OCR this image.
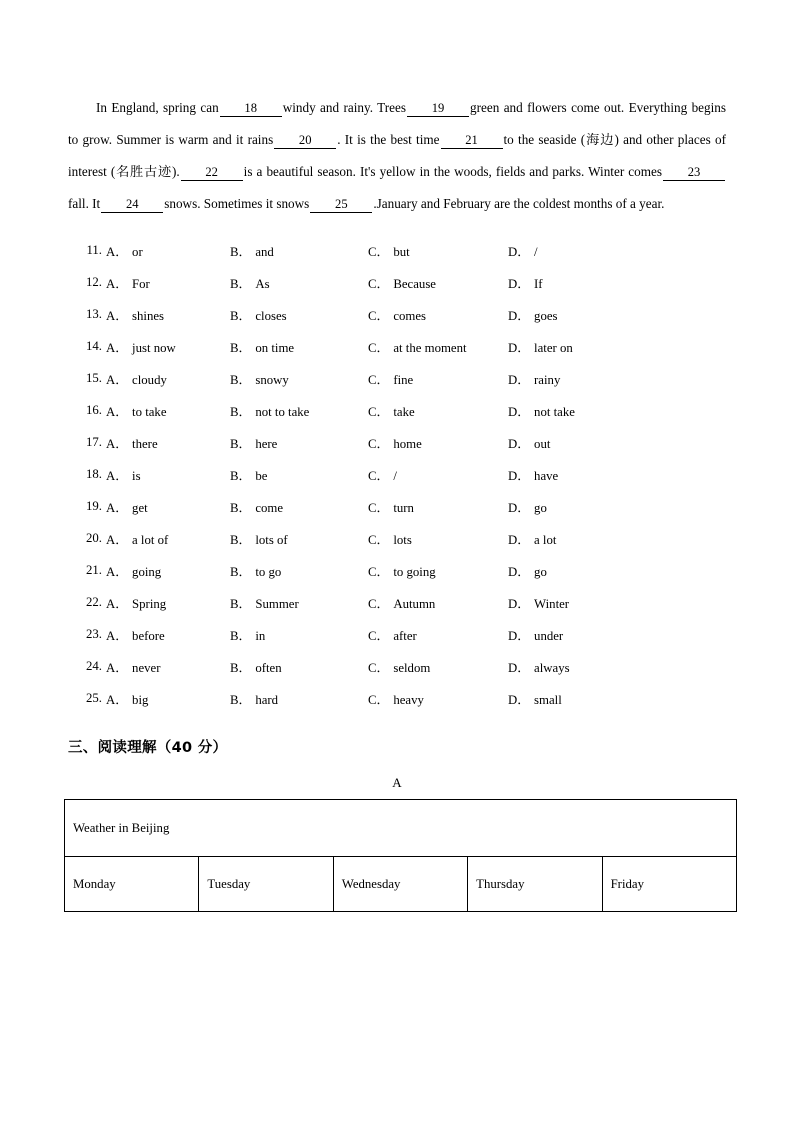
In England, spring can 18 windy and rainy. Trees 19 green and flowers come out. Everything begins to grow. Summer is warm and it rains 20 . It is the best time 21 to the seaside (海边) and other places of interest (名胜古迹). 22 is a beautiful season. It's yellow in the woods, fields and parks. Winter comes 23fall. It 24 snows. Sometimes it snows 25 .January and February are the coldest months of a year.
11. A． or	B． and	C． but	D． /
12. A． For	B． As	C． Because	D． If
13. A． shines	B． closes	C． comes	D． goes
14. A． just now	B． on time	C． at the moment	D． later on
15. A． cloudy	B． snowy	C． fine	D． rainy
16. A． to take	B． not to take	C． take	D． not take
17. A． there	B． here	C． home	D． out
18. A． is	B． be	C． /	D． have
19. A． get	B． come	C． turn	D． go
20. A． a lot of	B． lots of	C． lots	D． a lot
21. A． going	B． to go	C． to going	D． go
22. A． Spring	B． Summer	C． Autumn	D． Winter
23. A． before	B． in	C． after	D． under
24. A． never	B． often	C． seldom	D． always
25. A． big	B． hard	C． heavy	D． small
三、阅读理解（40 分）
A
Weather in Beijing
Monday	Tuesday	Wednesday	Thursday	Friday
